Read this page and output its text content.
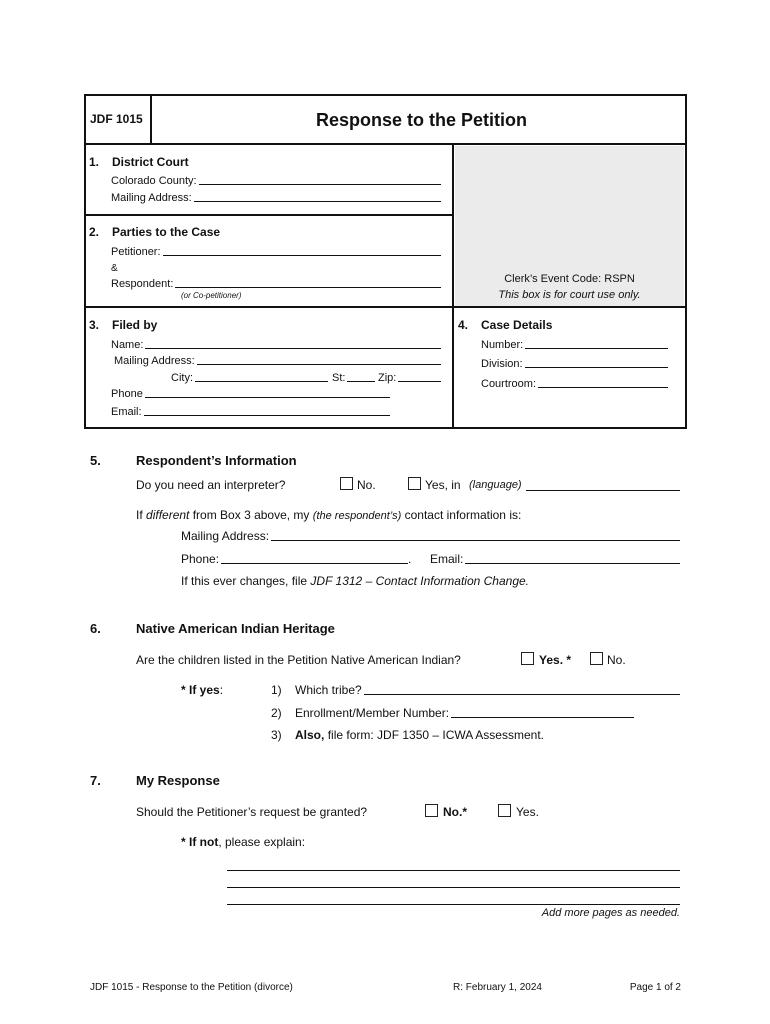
JDF 1015	Response to the Petition
1. District Court
Colorado County:
Mailing Address:
2. Parties to the Case
Petitioner:
&
Respondent:
(or Co-petitioner)
Clerk’s Event Code: RSPN
This box is for court use only.
3. Filed by
Name:
Mailing Address:
City:	St:	Zip:
Phone
Email:
4. Case Details
Number:
Division:
Courtroom:
5.	Respondent’s Information
Do you need an interpreter?	No.	Yes, in (language)
If different from Box 3 above, my (the respondent’s) contact information is:
Mailing Address:
Phone:	. Email:
If this ever changes, file JDF 1312 – Contact Information Change.
6.	Native American Indian Heritage
Are the children listed in the Petition Native American Indian?	Yes. *	No.
* If yes:	1) Which tribe?
2) Enrollment/Member Number:
3) Also, file form: JDF 1350 – ICWA Assessment.
7.	My Response
Should the Petitioner’s request be granted?	No.*	Yes.
* If not, please explain:
Add more pages as needed.
JDF 1015 - Response to the Petition (divorce)	R: February 1, 2024	Page 1 of 2
